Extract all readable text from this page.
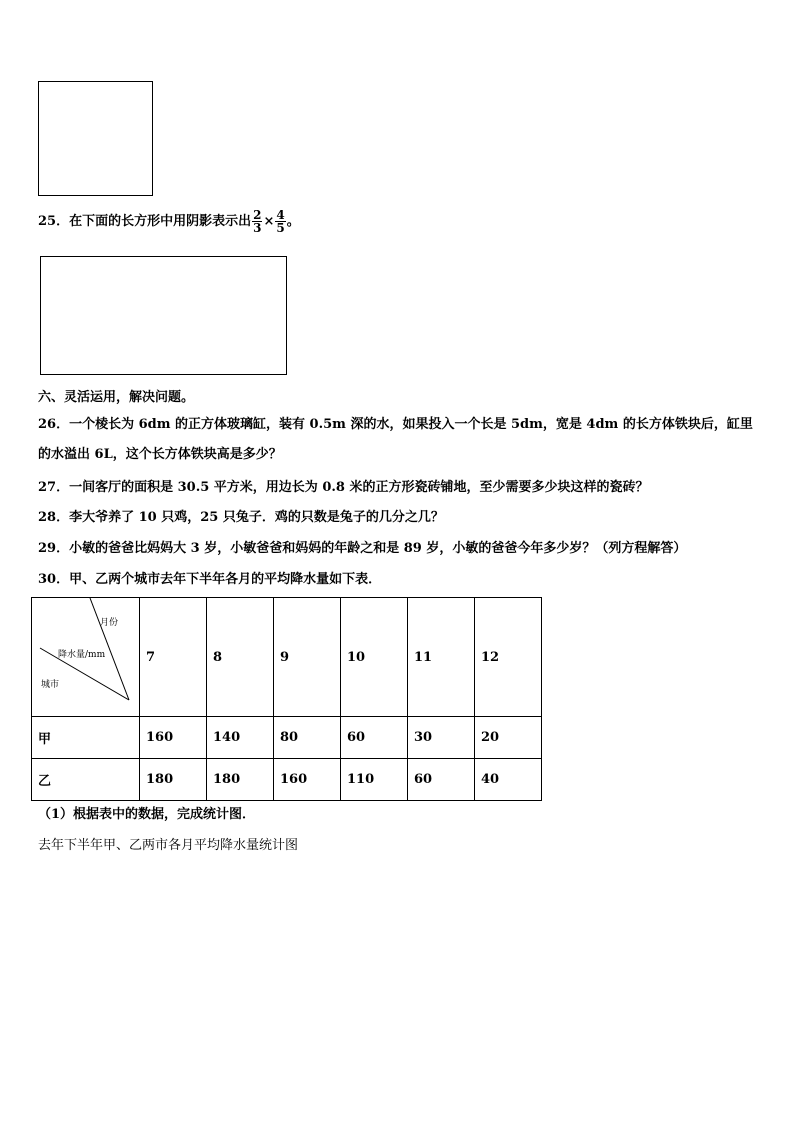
25．在下面的长方形中用阴影表示出 $\frac{2}{3} \times \frac{4}{5}$ 。
六、灵活运用，解决问题。
26．一个棱长为 6dm 的正方体玻璃缸，装有 0.5m 深的水，如果投入一个长是 5dm，宽是 4dm 的长方体铁块后，缸里
的水溢出 6L，这个长方体铁块高是多少？
27．一间客厅的面积是 30.5 平方米，用边长为 0.8 米的正方形瓷砖铺地，至少需要多少块这样的瓷砖？
28．李大爷养了 10 只鸡，25 只兔子．鸡的只数是兔子的几分之几？
29．小敏的爸爸比妈妈大 3 岁，小敏爸爸和妈妈的年龄之和是 89 岁，小敏的爸爸今年多少岁？（列方程解答）
30．甲、乙两个城市去年下半年各月的平均降水量如下表．
月份
降水量/mm
城市	7	8	9	10	11	12
甲	160	140	80	60	30	20
乙	180	180	160	110	60	40
（1）根据表中的数据，完成统计图．
去年下半年甲、乙两市各月平均降水量统计图
